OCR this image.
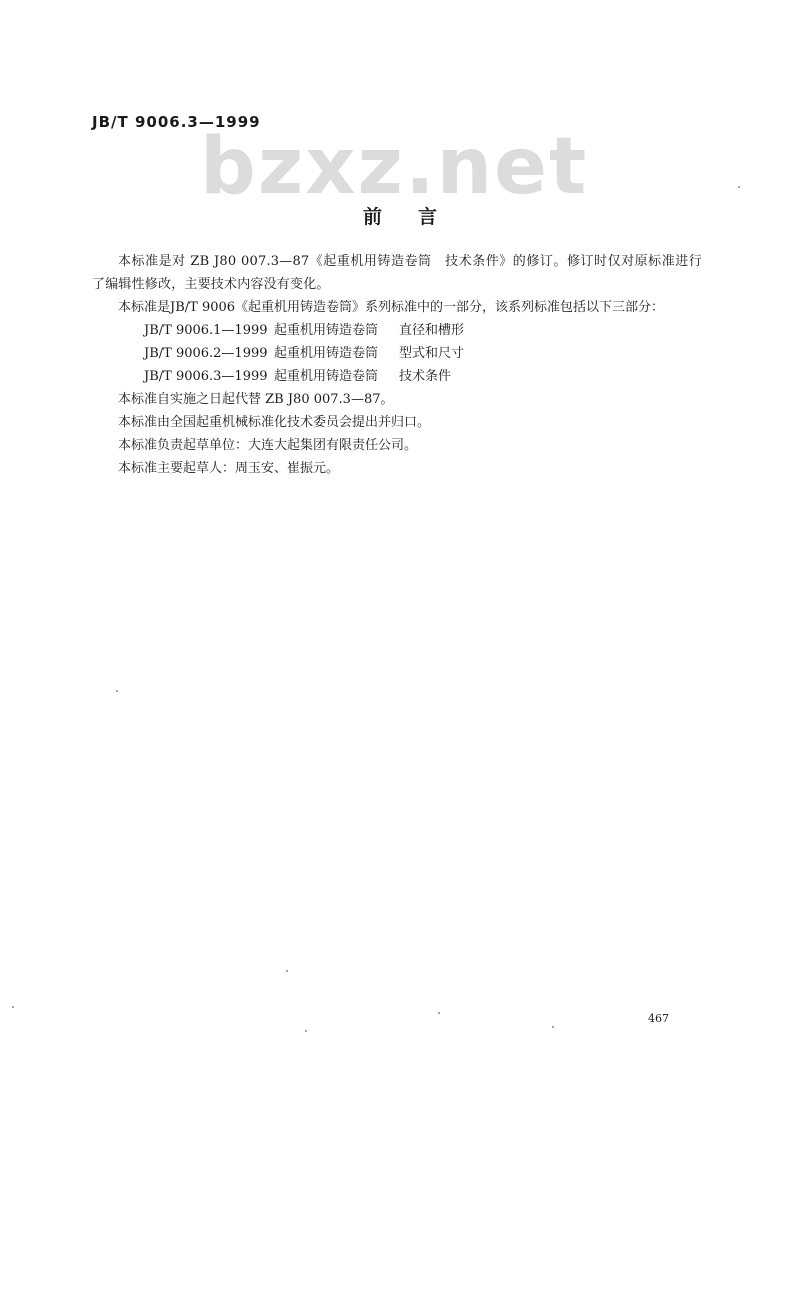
JB/T 9006.3—1999
bzxz.net
前言

本标准是对 ZB J80 007.3—87《起重机用铸造卷筒　技术条件》的修订。修订时仅对原标准进行了编辑性修改，主要技术内容没有变化。

本标准是JB/T 9006《起重机用铸造卷筒》系列标准中的一部分，该系列标准包括以下三部分：

JB/T 9006.1—1999 起重机用铸造卷筒	直径和槽形
JB/T 9006.2—1999 起重机用铸造卷筒	型式和尺寸
JB/T 9006.3—1999 起重机用铸造卷筒	技术条件

本标准自实施之日起代替 ZB J80 007.3—87。

本标准由全国起重机械标准化技术委员会提出并归口。

本标准负责起草单位：大连大起集团有限责任公司。

本标准主要起草人：周玉安、崔振元。

467
